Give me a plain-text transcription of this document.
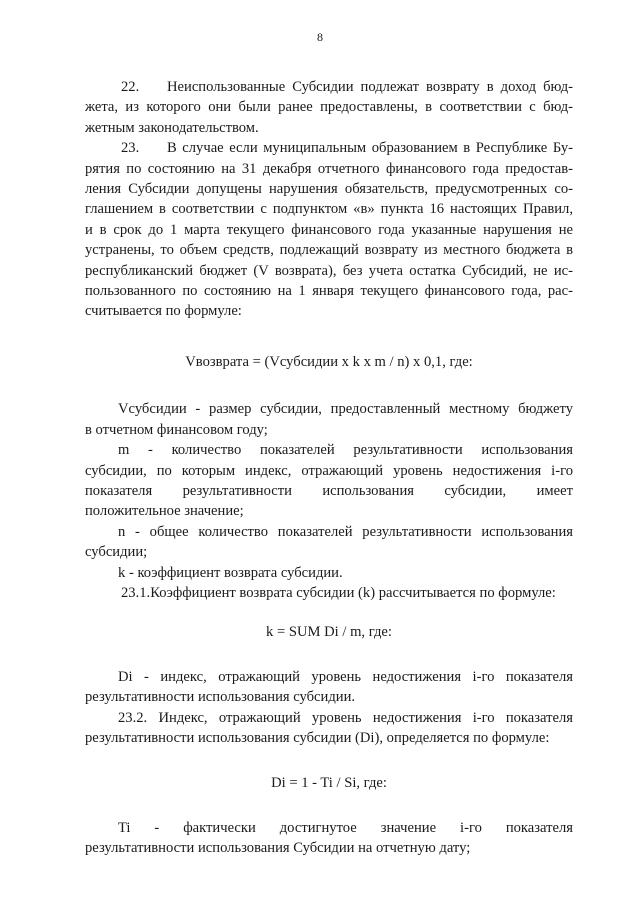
8
22. Неиспользованные Субсидии подлежат возврату в доход бюд-
жета, из которого они были ранее предоставлены, в соответствии с бюд-
жетным законодательством.
23. В случае если муниципальным образованием в Республике Бу-
рятия по состоянию на 31 декабря отчетного финансового года предостав-
ления Субсидии допущены нарушения обязательств, предусмотренных со-
глашением в соответствии с подпунктом «в» пункта 16 настоящих Правил,
и в срок до 1 марта текущего финансового года указанные нарушения не
устранены, то объем средств, подлежащий возврату из местного бюджета в
республиканский бюджет (V возврата), без учета остатка Субсидий, не ис-
пользованного по состоянию на 1 января текущего финансового года, рас-
считывается по формуле:
Vвозврата = (Vсубсидии x k x m / n) x 0,1, где:
Vсубсидии - размер субсидии, предоставленный местному бюджету
в отчетном финансовом году;
m - количество показателей результативности использования
субсидии, по которым индекс, отражающий уровень недостижения i-го
показателя результативности использования субсидии, имеет
положительное значение;
n - общее количество показателей результативности использования
субсидии;
k - коэффициент возврата субсидии.
23.1.Коэффициент возврата субсидии (k) рассчитывается по формуле:
k = SUM Di / m, где:
Di - индекс, отражающий уровень недостижения i-го показателя
результативности использования субсидии.
23.2. Индекс, отражающий уровень недостижения i-го показателя
результативности использования субсидии (Di), определяется по формуле:
Di = 1 - Ti / Si, где:
Ti - фактически достигнутое значение i-го показателя
результативности использования Субсидии на отчетную дату;
